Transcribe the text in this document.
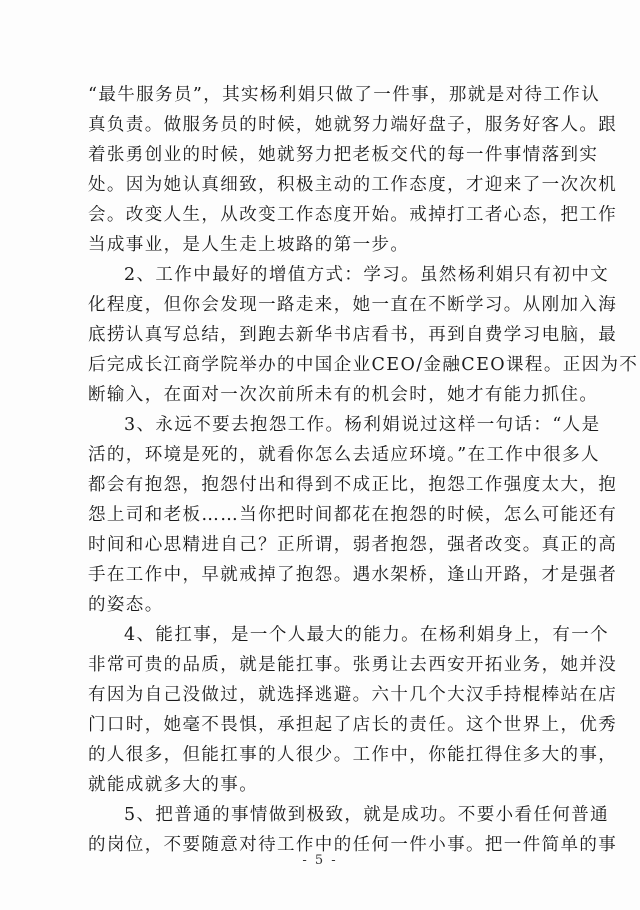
“最牛服务员”，其实杨利娟只做了一件事，那就是对待工作认
真负责。做服务员的时候，她就努力端好盘子，服务好客人。跟
着张勇创业的时候，她就努力把老板交代的每一件事情落到实
处。因为她认真细致，积极主动的工作态度，才迎来了一次次机
会。改变人生，从改变工作态度开始。戒掉打工者心态，把工作
当成事业，是人生走上坡路的第一步。

2、工作中最好的增值方式：学习。虽然杨利娟只有初中文
化程度，但你会发现一路走来，她一直在不断学习。从刚加入海
底捞认真写总结，到跑去新华书店看书，再到自费学习电脑，最
后完成长江商学院举办的中国企业CEO/金融CEO课程。正因为不
断输入，在面对一次次前所未有的机会时，她才有能力抓住。

3、永远不要去抱怨工作。杨利娟说过这样一句话：“人是
活的，环境是死的，就看你怎么去适应环境。”在工作中很多人
都会有抱怨，抱怨付出和得到不成正比，抱怨工作强度太大，抱
怨上司和老板……当你把时间都花在抱怨的时候，怎么可能还有
时间和心思精进自己？正所谓，弱者抱怨，强者改变。真正的高
手在工作中，早就戒掉了抱怨。遇水架桥，逢山开路，才是强者
的姿态。

4、能扛事，是一个人最大的能力。在杨利娟身上，有一个
非常可贵的品质，就是能扛事。张勇让去西安开拓业务，她并没
有因为自己没做过，就选择逃避。六十几个大汉手持棍棒站在店
门口时，她毫不畏惧，承担起了店长的责任。这个世界上，优秀
的人很多，但能扛事的人很少。工作中，你能扛得住多大的事，
就能成就多大的事。

5、把普通的事情做到极致，就是成功。不要小看任何普通
的岗位，不要随意对待工作中的任何一件小事。把一件简单的事

- 5 -
